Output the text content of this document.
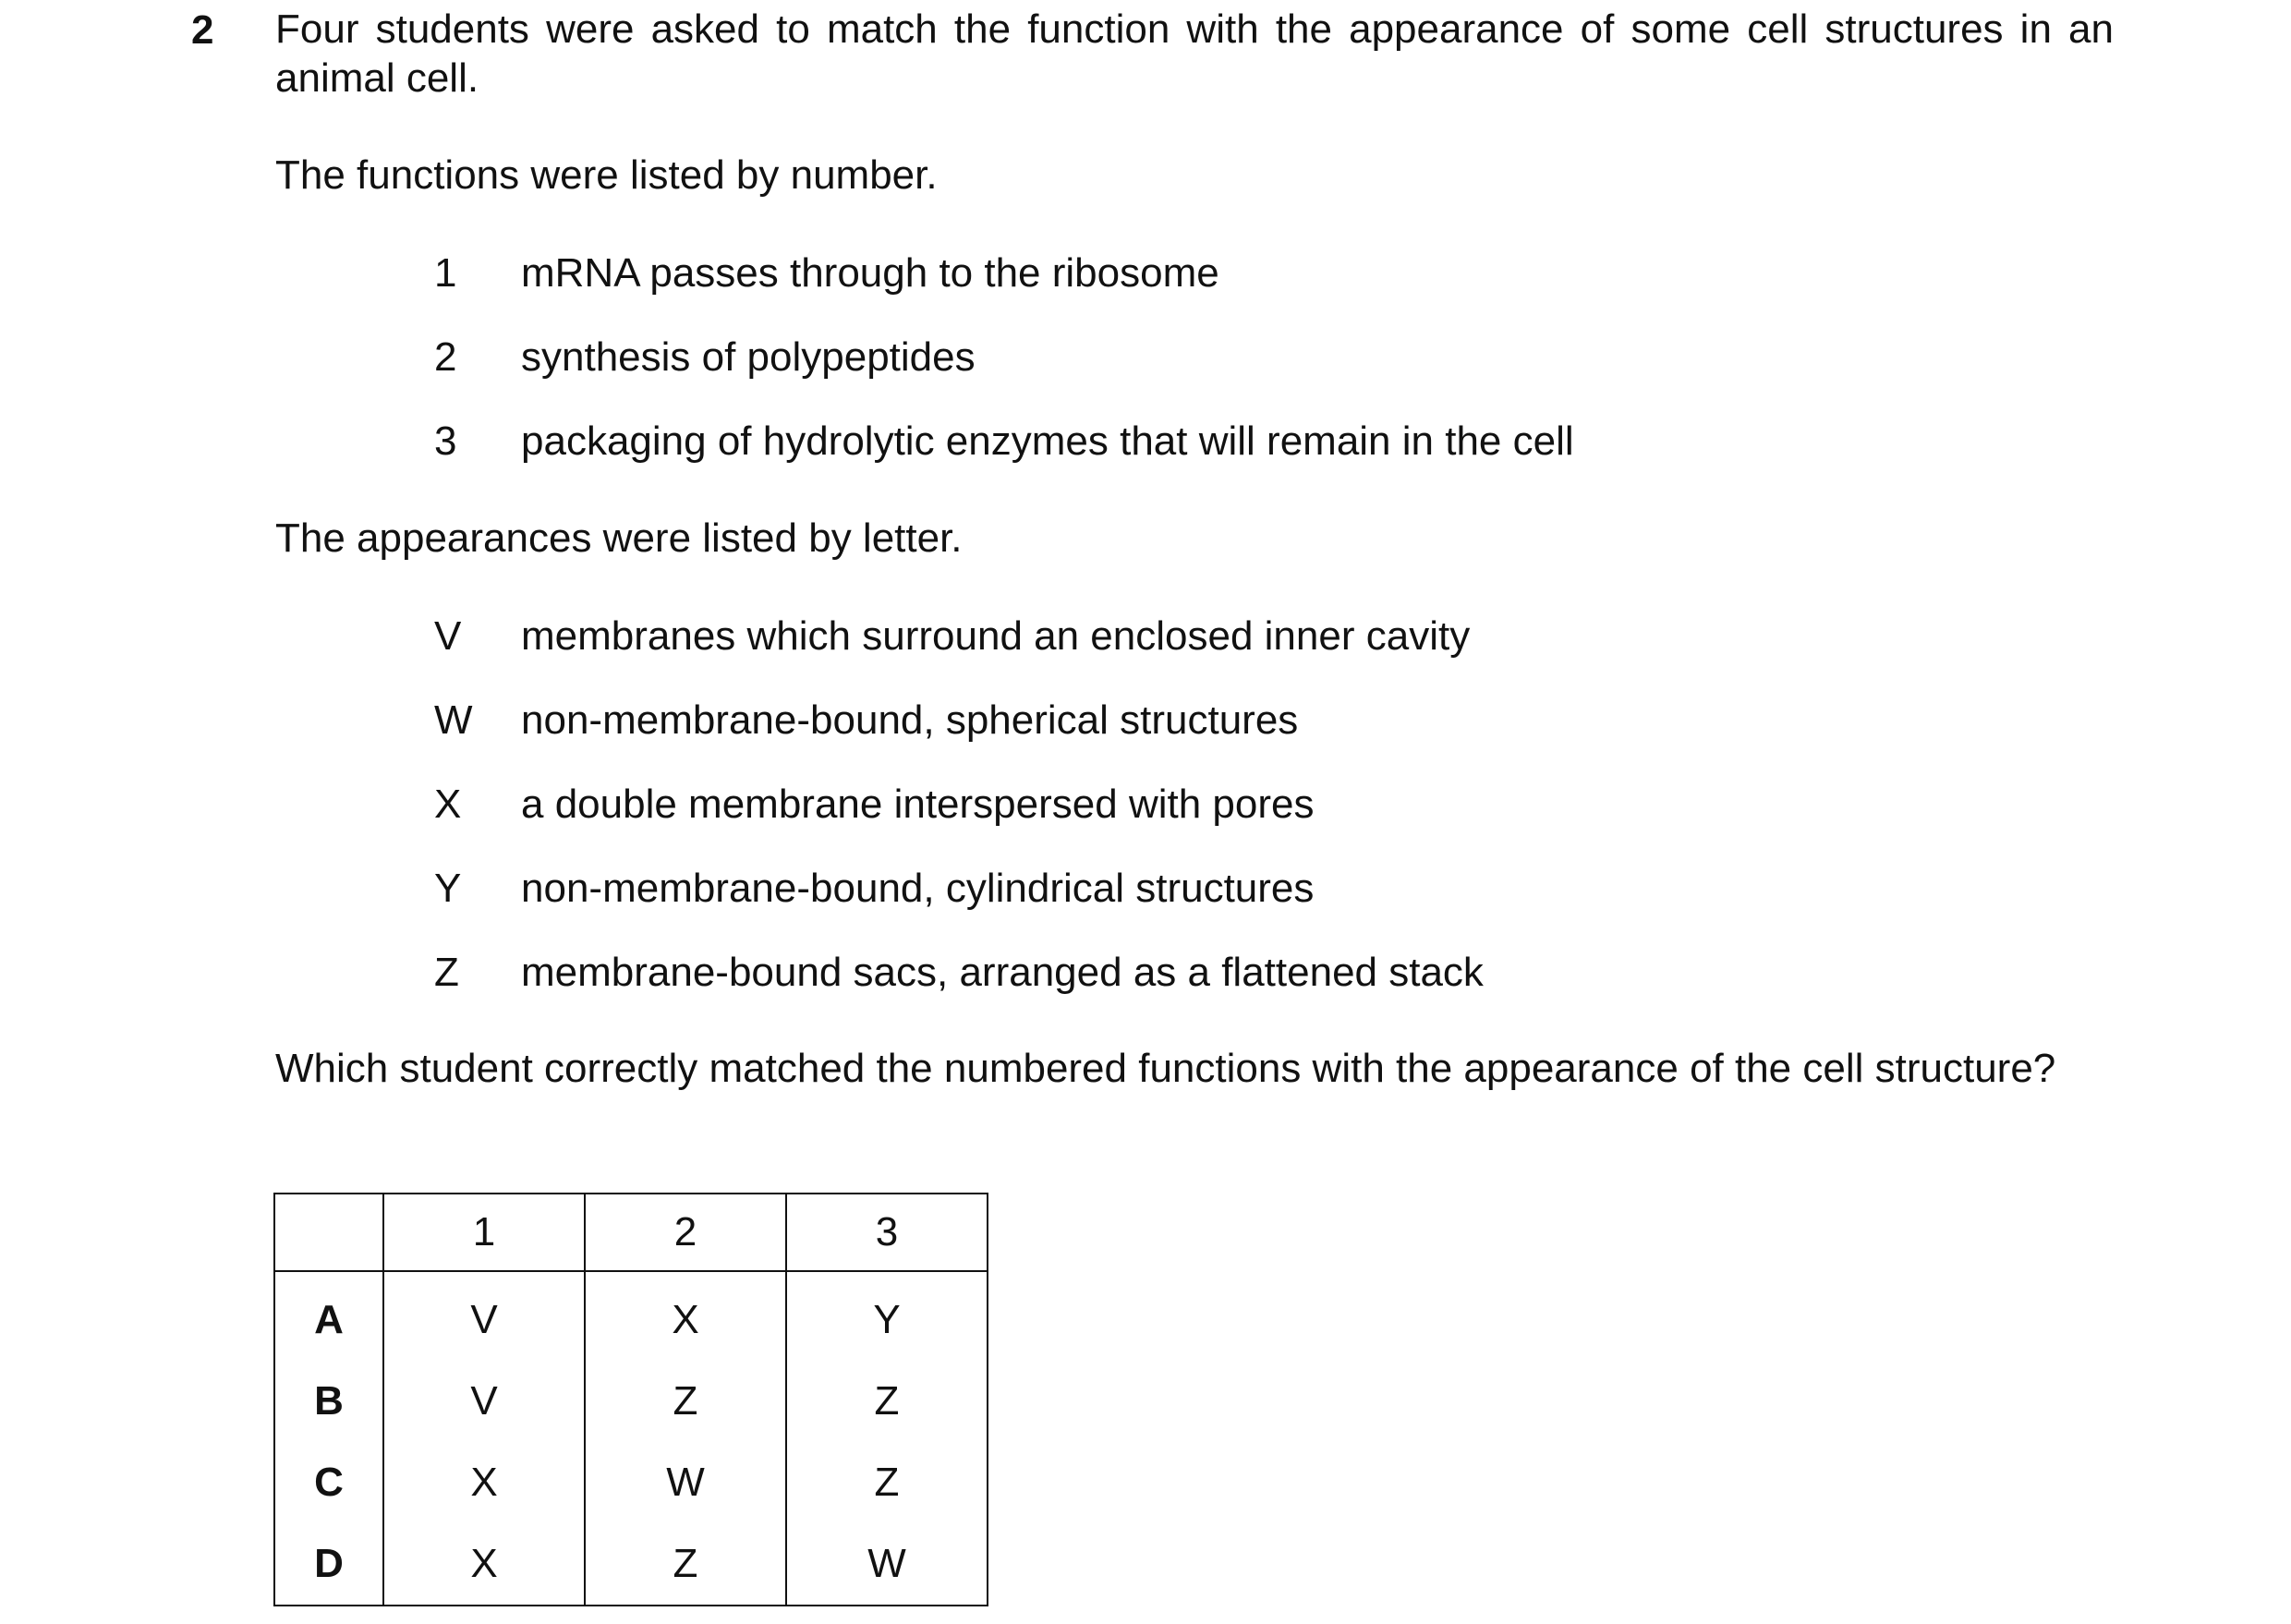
2 Four students were asked to match the function with the appearance of some cell structures in an animal cell.

The functions were listed by number.

1	mRNA passes through to the ribosome
2	synthesis of polypeptides
3	packaging of hydrolytic enzymes that will remain in the cell

The appearances were listed by letter.

V	membranes which surround an enclosed inner cavity
W	non-membrane-bound, spherical structures
X	a double membrane interspersed with pores
Y	non-membrane-bound, cylindrical structures
Z	membrane-bound sacs, arranged as a flattened stack

Which student correctly matched the numbered functions with the appearance of the cell structure?

	1	2	3
A	V	X	Y
B	V	Z	Z
C	X	W	Z
D	X	Z	W
